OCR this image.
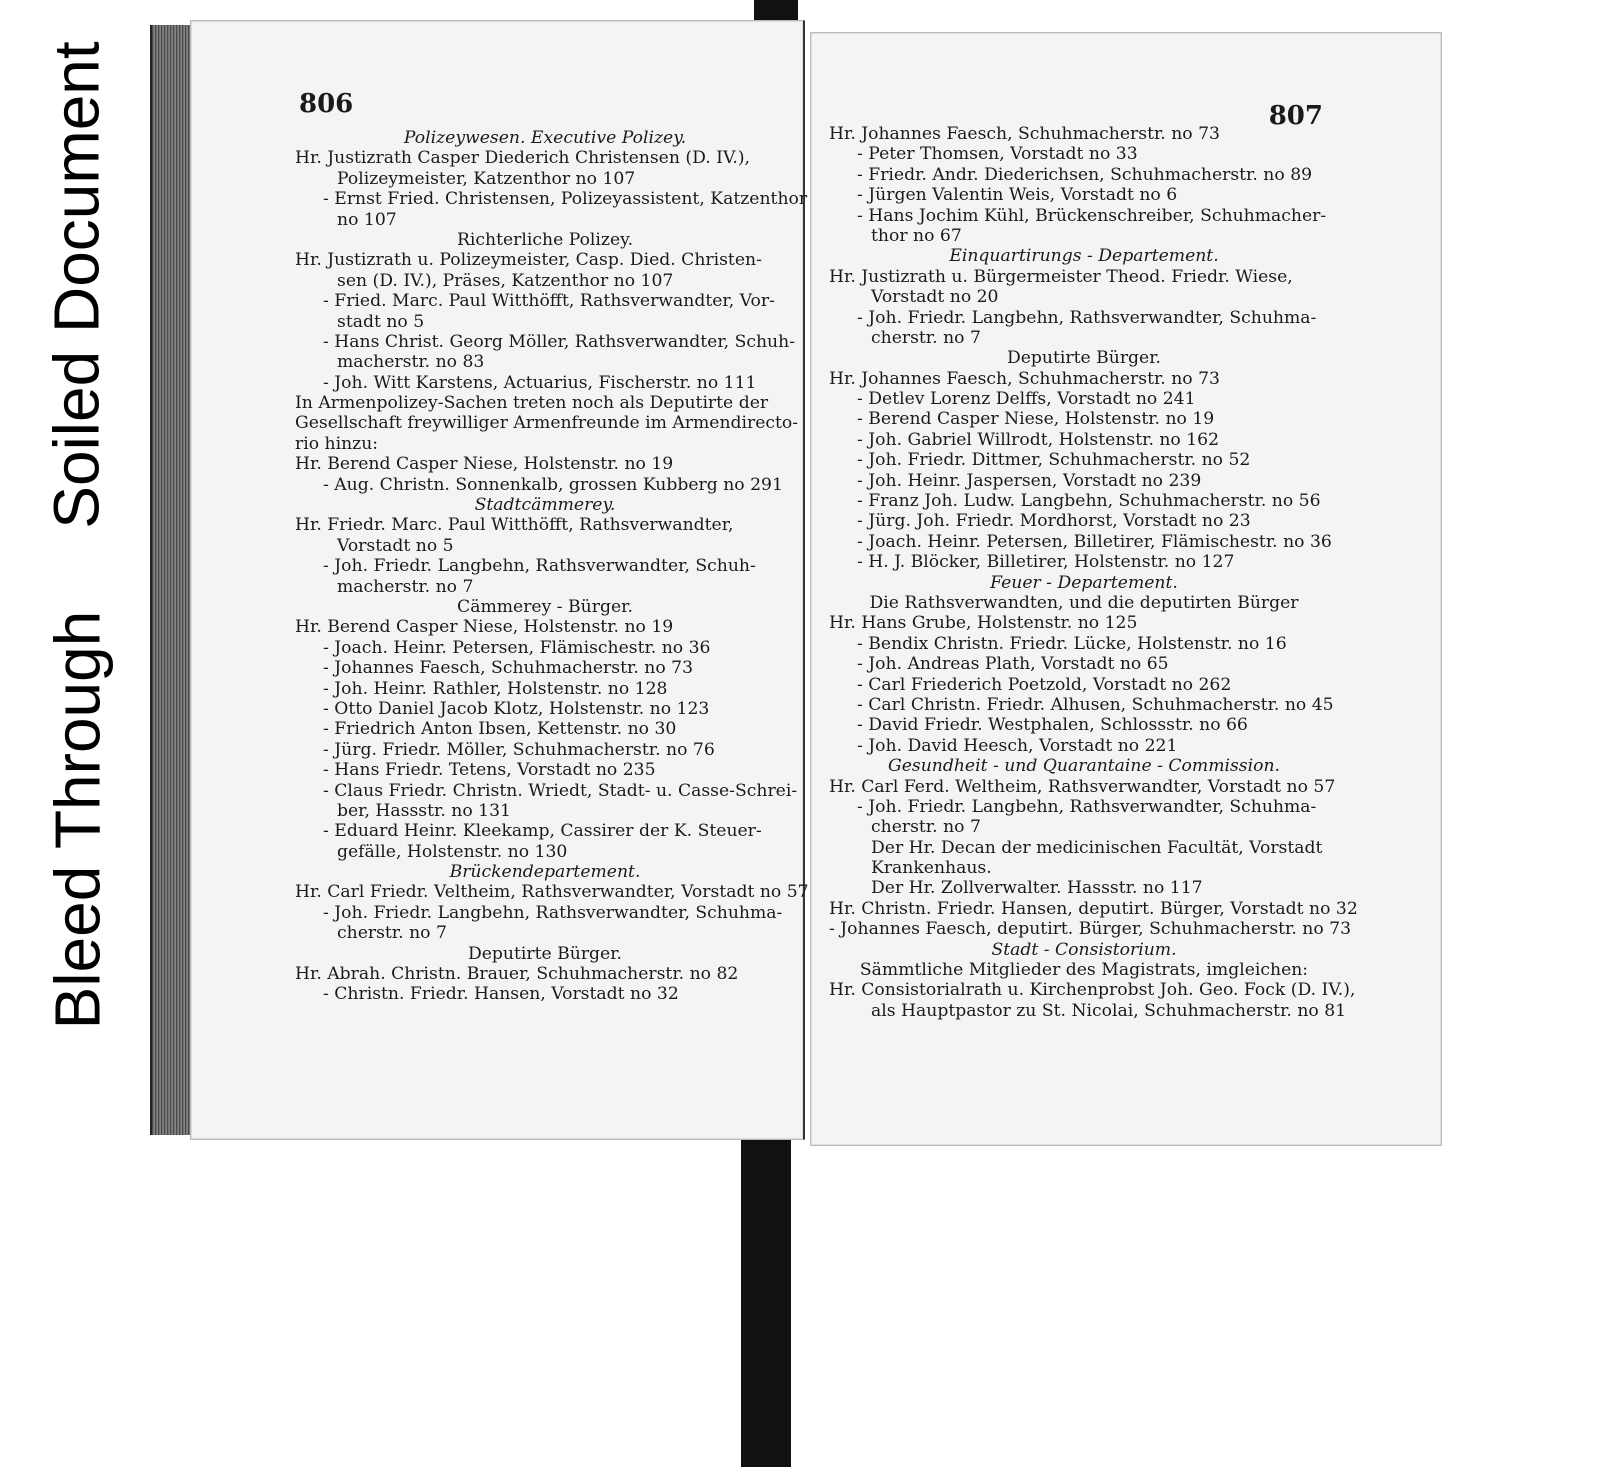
Soiled Document
Bleed Through
806
Polizeywesen. Executive Polizey.
Hr. Justizrath Casper Diederich Christensen (D. IV.),
Polizeymeister, Katzenthor no 107
- Ernst Fried. Christensen, Polizeyassistent, Katzenthor
no 107
Richterliche Polizey.
Hr. Justizrath u. Polizeymeister, Casp. Died. Christen-
sen (D. IV.), Präses, Katzenthor no 107
- Fried. Marc. Paul Witthöfft, Rathsverwandter, Vor-
stadt no 5
- Hans Christ. Georg Möller, Rathsverwandter, Schuh-
macherstr. no 83
- Joh. Witt Karstens, Actuarius, Fischerstr. no 111
In Armenpolizey-Sachen treten noch als Deputirte der
Gesellschaft freywilliger Armenfreunde im Armendirecto-
rio hinzu:
Hr. Berend Casper Niese, Holstenstr. no 19
- Aug. Christn. Sonnenkalb, grossen Kubberg no 291
Stadtcämmerey.
Hr. Friedr. Marc. Paul Witthöfft, Rathsverwandter,
Vorstadt no 5
- Joh. Friedr. Langbehn, Rathsverwandter, Schuh-
macherstr. no 7
Cämmerey - Bürger.
Hr. Berend Casper Niese, Holstenstr. no 19
- Joach. Heinr. Petersen, Flämischestr. no 36
- Johannes Faesch, Schuhmacherstr. no 73
- Joh. Heinr. Rathler, Holstenstr. no 128
- Otto Daniel Jacob Klotz, Holstenstr. no 123
- Friedrich Anton Ibsen, Kettenstr. no 30
- Jürg. Friedr. Möller, Schuhmacherstr. no 76
- Hans Friedr. Tetens, Vorstadt no 235
- Claus Friedr. Christn. Wriedt, Stadt- u. Casse-Schrei-
ber, Hassstr. no 131
- Eduard Heinr. Kleekamp, Cassirer der K. Steuer-
gefälle, Holstenstr. no 130
Brückendepartement.
Hr. Carl Friedr. Veltheim, Rathsverwandter, Vorstadt no 57
- Joh. Friedr. Langbehn, Rathsverwandter, Schuhma-
cherstr. no 7
Deputirte Bürger.
Hr. Abrah. Christn. Brauer, Schuhmacherstr. no 82
- Christn. Friedr. Hansen, Vorstadt no 32
807
Hr. Johannes Faesch, Schuhmacherstr. no 73
- Peter Thomsen, Vorstadt no 33
- Friedr. Andr. Diederichsen, Schuhmacherstr. no 89
- Jürgen Valentin Weis, Vorstadt no 6
- Hans Jochim Kühl, Brückenschreiber, Schuhmacher-
thor no 67
Einquartirungs - Departement.
Hr. Justizrath u. Bürgermeister Theod. Friedr. Wiese,
Vorstadt no 20
- Joh. Friedr. Langbehn, Rathsverwandter, Schuhma-
cherstr. no 7
Deputirte Bürger.
Hr. Johannes Faesch, Schuhmacherstr. no 73
- Detlev Lorenz Delffs, Vorstadt no 241
- Berend Casper Niese, Holstenstr. no 19
- Joh. Gabriel Willrodt, Holstenstr. no 162
- Joh. Friedr. Dittmer, Schuhmacherstr. no 52
- Joh. Heinr. Jaspersen, Vorstadt no 239
- Franz Joh. Ludw. Langbehn, Schuhmacherstr. no 56
- Jürg. Joh. Friedr. Mordhorst, Vorstadt no 23
- Joach. Heinr. Petersen, Billetirer, Flämischestr. no 36
- H. J. Blöcker, Billetirer, Holstenstr. no 127
Feuer - Departement.
Die Rathsverwandten, und die deputirten Bürger
Hr. Hans Grube, Holstenstr. no 125
- Bendix Christn. Friedr. Lücke, Holstenstr. no 16
- Joh. Andreas Plath, Vorstadt no 65
- Carl Friederich Poetzold, Vorstadt no 262
- Carl Christn. Friedr. Alhusen, Schuhmacherstr. no 45
- David Friedr. Westphalen, Schlossstr. no 66
- Joh. David Heesch, Vorstadt no 221
Gesundheit - und Quarantaine - Commission.
Hr. Carl Ferd. Weltheim, Rathsverwandter, Vorstadt no 57
- Joh. Friedr. Langbehn, Rathsverwandter, Schuhma-
cherstr. no 7
Der Hr. Decan der medicinischen Facultät, Vorstadt
Krankenhaus.
Der Hr. Zollverwalter. Hassstr. no 117
Hr. Christn. Friedr. Hansen, deputirt. Bürger, Vorstadt no 32
- Johannes Faesch, deputirt. Bürger, Schuhmacherstr. no 73
Stadt - Consistorium.
Sämmtliche Mitglieder des Magistrats, imgleichen:
Hr. Consistorialrath u. Kirchenprobst Joh. Geo. Fock (D. IV.),
als Hauptpastor zu St. Nicolai, Schuhmacherstr. no 81
